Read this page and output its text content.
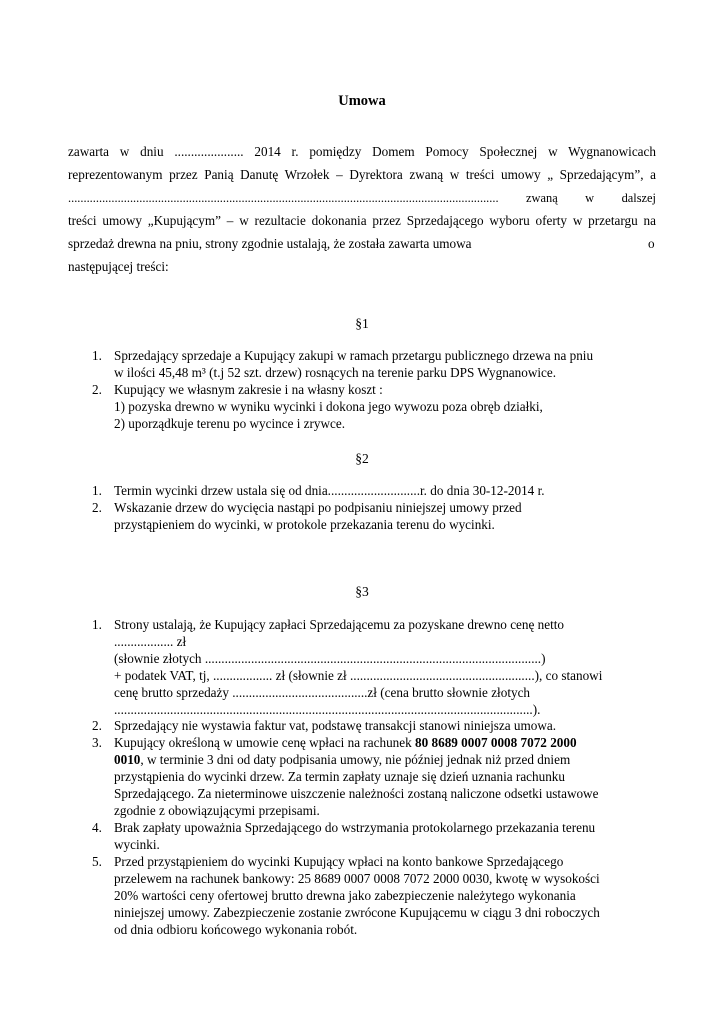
Umowa
zawarta w dniu ..................... 2014 r. pomiędzy Domem Pomocy Społecznej w Wygnanowicach
reprezentowanym przez Panią Danutę Wrzołek – Dyrektora zwaną w treści umowy „ Sprzedającym”, a
........................................................................................................................................... zwaną w dalszej
treści umowy „Kupującym” – w rezultacie dokonania przez Sprzedającego wyboru oferty w przetargu na
sprzedaż drewna na pniu, strony zgodnie ustalają, że została zawarta umowa	o
następującej treści:
§1
1. Sprzedający sprzedaje a Kupujący zakupi w ramach przetargu publicznego drzewa na pniu
w ilości 45,48 m³ (t.j 52 szt. drzew) rosnących na terenie parku DPS Wygnanowice.
2. Kupujący we własnym zakresie i na własny koszt :
1) pozyska drewno w wyniku wycinki i dokona jego wywozu poza obręb działki,
2) uporządkuje terenu po wycince i zrywce.
§2
1. Termin wycinki drzew ustala się od dnia............................r. do dnia 30-12-2014 r.
2. Wskazanie drzew do wycięcia nastąpi po podpisaniu niniejszej umowy przed
przystąpieniem do wycinki, w protokole przekazania terenu do wycinki.
§3
1. Strony ustalają, że Kupujący zapłaci Sprzedającemu za pozyskane drewno cenę netto
.................. zł
(słownie złotych ......................................................................................................)
+ podatek VAT, tj, .................. zł (słownie zł ........................................................), co stanowi
cenę brutto sprzedaży .........................................zł (cena brutto słownie złotych
...............................................................................................................................).
2. Sprzedający nie wystawia faktur vat, podstawę transakcji stanowi niniejsza umowa.
3. Kupujący określoną w umowie cenę wpłaci na rachunek 80 8689 0007 0008 7072 2000
0010, w terminie 3 dni od daty podpisania umowy, nie później jednak niż przed dniem
przystąpienia do wycinki drzew. Za termin zapłaty uznaje się dzień uznania rachunku
Sprzedającego. Za nieterminowe uiszczenie należności zostaną naliczone odsetki ustawowe
zgodnie z obowiązującymi przepisami.
4. Brak zapłaty upoważnia Sprzedającego do wstrzymania protokolarnego przekazania terenu
wycinki.
5. Przed przystąpieniem do wycinki Kupujący wpłaci na konto bankowe Sprzedającego
przelewem na rachunek bankowy: 25 8689 0007 0008 7072 2000 0030, kwotę w wysokości
20% wartości ceny ofertowej brutto drewna jako zabezpieczenie należytego wykonania
niniejszej umowy. Zabezpieczenie zostanie zwrócone Kupującemu w ciągu 3 dni roboczych
od dnia odbioru końcowego wykonania robót.
